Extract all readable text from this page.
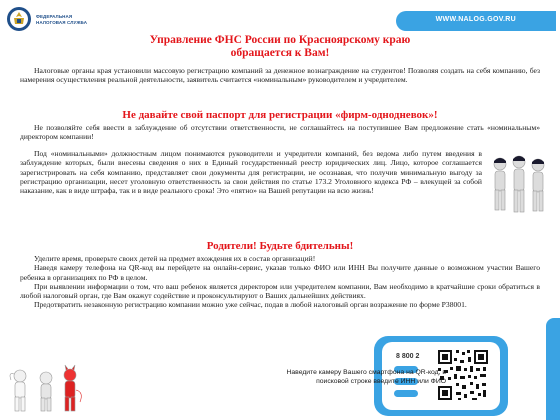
ФЕДЕРАЛЬНАЯ
НАЛОГОВАЯ СЛУЖБА	WWW.NALOG.GOV.RU
Управление ФНС России по Красноярскому краю
обращается к Вам!

Налоговые органы края установили массовую регистрацию компаний за денежное вознаграждение на студентов! Позволяя создать на себя компанию, без намерения осуществления реальной деятельности, заявитель считается «номинальным» руководителем и учредителем.

Не давайте свой паспорт для регистрации «фирм-однодневок»!

Не позволяйте себя ввести в заблуждение об отсутствии ответственности, не соглашайтесь на поступившее Вам предложение стать «номинальным» директором компании!

Под «номинальными» должностным лицом понимаются руководители и учредители компаний, без ведома либо путем введения в заблуждение которых, были внесены сведения о них в Единый государственный реестр юридических лиц. Лицо, которое соглашается зарегистрировать на себя компанию, представляет свои документы для регистрации, не осознавая, что получив минимальную выгоду за регистрацию организации, несет уголовную ответственность за свои действия по статье 173.2 Уголовного кодекса РФ – влекущей за собой наказание, как в виде штрафа, так и в виде реального срока! Это «пятно» на Вашей репутации на всю жизнь!

Родители! Будьте бдительны!

Уделите время, проверьте своих детей на предмет вхождения их в состав организаций!

Наведя камеру телефона на QR-код вы перейдете на онлайн-сервис, указав только ФИО или ИНН Вы получите данные о возможном участии Вашего ребенка в организациях по РФ в целом.

При выявлении информации о том, что ваш ребенок является директором или учредителем компании, Вам необходимо в кратчайшие сроки обратиться в любой налоговый орган, где Вам окажут содействие и проконсультируют о Ваших дальнейших действиях.

Предотвратить незаконную регистрацию компании можно уже сейчас, подав в любой налоговый орган возражение по форме Р38001.

8 800 2
Наведите камеру Вашего смартфона на QR-код, в поисковой строке введите ИНН или ФИО
